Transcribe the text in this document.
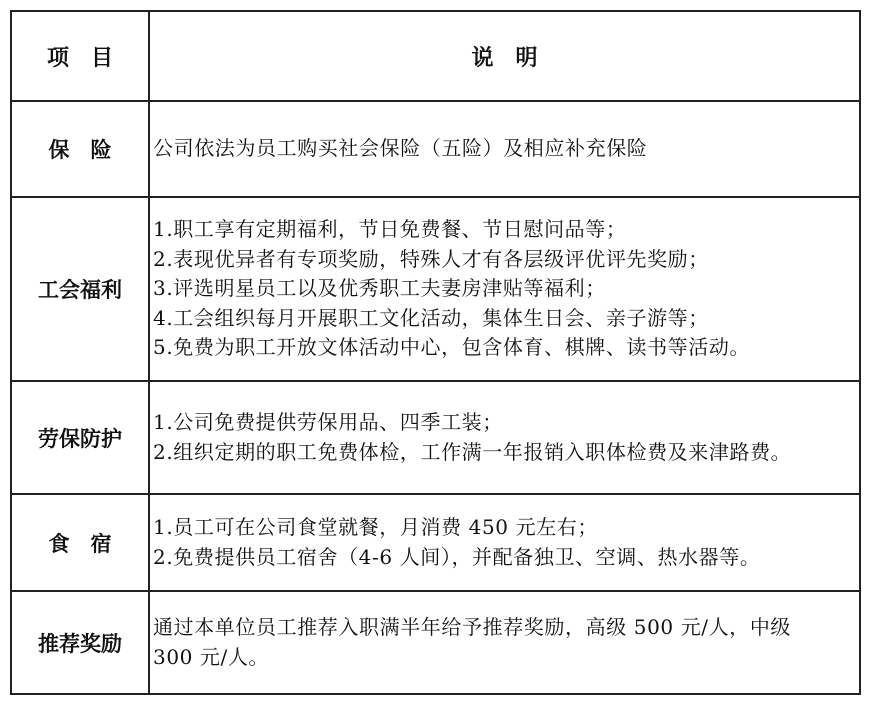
项　目	说　明
保　险	公司依法为员工购买社会保险（五险）及相应补充保险

工会福利	1.职工享有定期福利，节日免费餐、节日慰问品等；
2.表现优异者有专项奖励，特殊人才有各层级评优评先奖励；
3.评选明星员工以及优秀职工夫妻房津贴等福利；
4.工会组织每月开展职工文化活动，集体生日会、亲子游等；
5.免费为职工开放文体活动中心，包含体育、棋牌、读书等活动。

劳保防护	1.公司免费提供劳保用品、四季工装；
2.组织定期的职工免费体检，工作满一年报销入职体检费及来津路费。

食　宿	1.员工可在公司食堂就餐，月消费 450 元左右；
2.免费提供员工宿舍（4-6 人间），并配备独卫、空调、热水器等。

推荐奖励	通过本单位员工推荐入职满半年给予推荐奖励，高级 500 元/人，中级
300 元/人。
